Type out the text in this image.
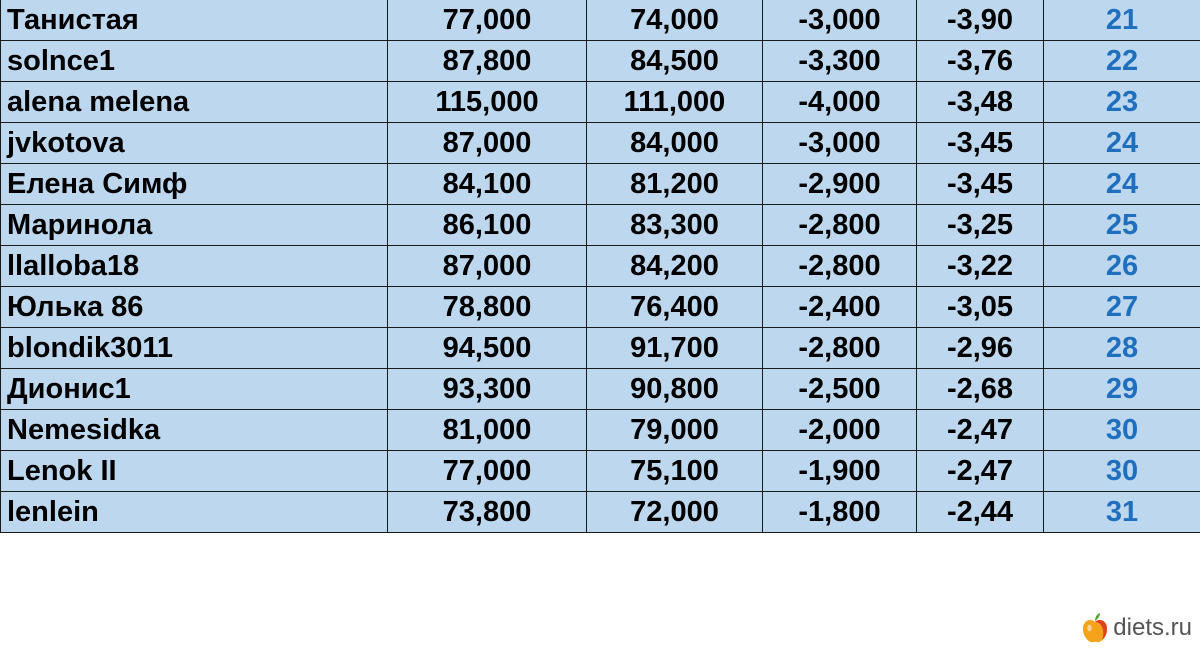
Танистая	77,000	74,000	-3,000	-3,90	21
solnce1	87,800	84,500	-3,300	-3,76	22
alena melena	115,000	111,000	-4,000	-3,48	23
jvkotova	87,000	84,000	-3,000	-3,45	24
Елена Симф	84,100	81,200	-2,900	-3,45	24
Маринола	86,100	83,300	-2,800	-3,25	25
llalloba18	87,000	84,200	-2,800	-3,22	26
Юлька 86	78,800	76,400	-2,400	-3,05	27
blondik3011	94,500	91,700	-2,800	-2,96	28
Дионис1	93,300	90,800	-2,500	-2,68	29
Nemesidka	81,000	79,000	-2,000	-2,47	30
Lenok II	77,000	75,100	-1,900	-2,47	30
lenlein	73,800	72,000	-1,800	-2,44	31
diets.ru
